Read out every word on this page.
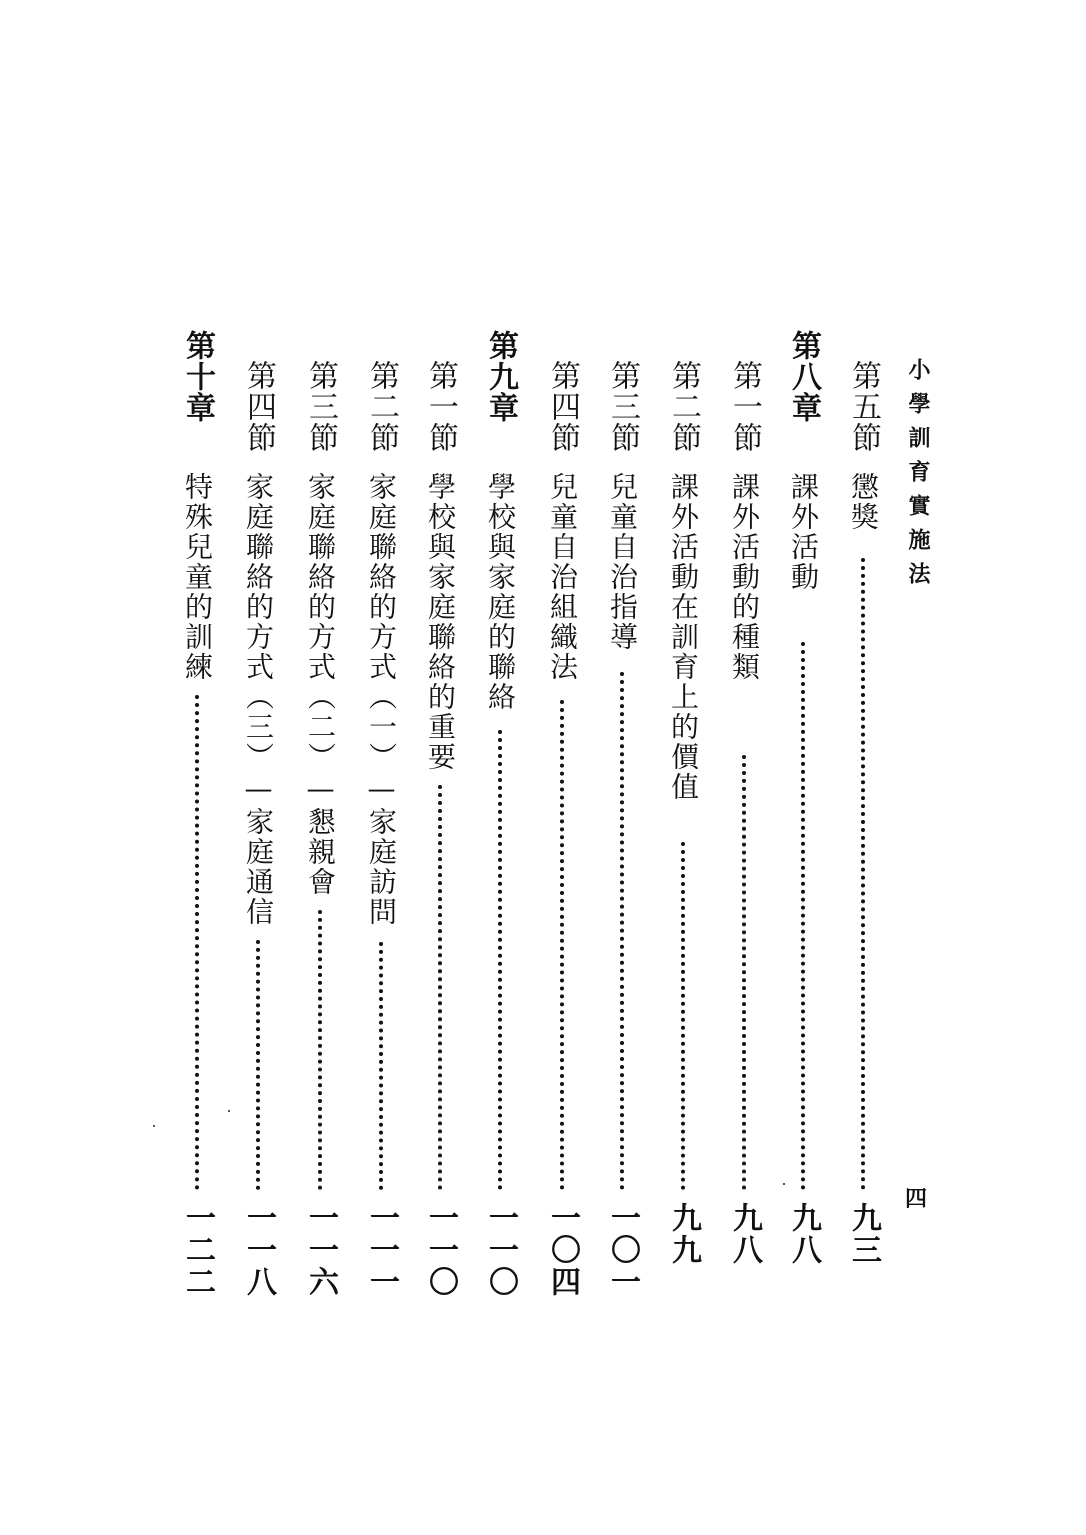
小學訓育實施法
四
第五節
懲獎
九三
第八章
課外活動
九八
第一節
課外活動的種類
九八
第二節
課外活動在訓育上的價值
九九
第三節
兒童自治指導
一〇一
第四節
兒童自治組織法
一〇四
第九章
學校與家庭的聯絡
一一〇
第一節
學校與家庭聯絡的重要
一一〇
第二節
家庭聯絡的方式（一）—家庭訪問
一一一
第三節
家庭聯絡的方式（二）—懇親會
一一六
第四節
家庭聯絡的方式（三）—家庭通信
一一八
第十章
特殊兒童的訓練
一二二
